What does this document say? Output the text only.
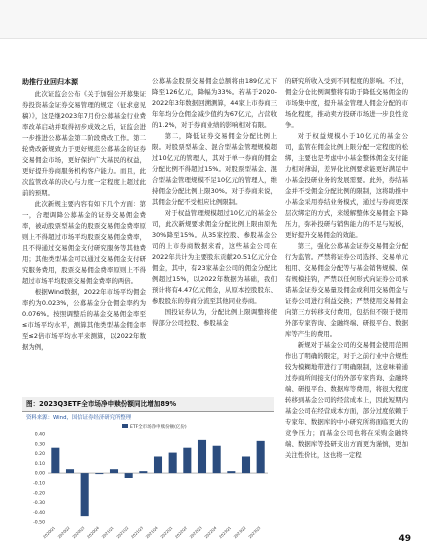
助推行业回归本源

此次证监会公布《关于加强公开募集证券投资基金证券交易管理的规定（征求意见稿）》，这是继2023年7月份公募基金行业费率改革启动并取得初步成效之后，证监会进一步推进公募基金第二阶段费改工作。第二轮费改新规致力于更好规范公募基金的证券交易佣金市场，更好保护广大基民的权益，更好提升券商服务机构客户能力。而且，此次监管改革的决心与力度一定程度上超过此前的预期。

此次新规主要内容有如下几个方面：第一，合理调降公募基金的证券交易佣金费率，被动股票型基金的股票交易佣金费率原则上不得超过市场平均股票交易佣金费率，且不得通过交易佣金支付研究服务等其他费用；其他类型基金可以通过交易佣金支付研究服务费用，股票交易佣金费率原则上不得超过市场平均股票交易佣金费率的两倍。

根据Wind数据，2022年市场平均佣金率约为0.023%，公募基金分仓佣金率约为0.076%。按照调整后的基金交易佣金率至≤市场平均水平，测算其他类型基金佣金率至≤2倍市场平均水平来测算，以2022年数据为例，

公募基金股票交易佣金总额将由189亿元下降至126亿元，降幅为33%。若基于2020-2022年3年数据回溯测算，44家上市券商三年年均分仓佣金减少值约为67亿元，占营收的1.2%，对于券商业绩的影响相对有限。

第二，降低证券交易佣金分配比例上限。对股票型基金、混合型基金管理规模超过10亿元的管理人，其对于单一券商的佣金分配比例不得超过15%。对股票型基金、混合型基金管理规模不足10亿元的管理人，维持佣金分配比例上限30%。对于券商来说，其佣金分配不受相应比例限制。

对于权益管理规模超过10亿元的基金公司，此次新规要求佣金分配比例上限由原先30%降至15%。从35家控股、参股基金公司的上市券商数据来看，这些基金公司在2022年共计为主要股东贡献20.51亿元分仓佣金，其中，有23家基金公司的佣金分配比例超过15%，以2022年数据为基础，我们预计将有4.47亿元佣金，从原本控股股东、参股股东的券商分流至其他同业券商。

国投证券认为，分配比例上限调整将使得部分公司控股、参股基金

的研究所收入受到不同程度的影响。不过，佣金分仓比例调整将有助于降低交易佣金的市场集中度，提升基金管理人佣金分配的市场化程度，推动卖方投研市场进一步良性竞争。

对于权益规模小于10亿元的基金公司，监管在佣金比例上限分配一定程度的松绑，主要也是考虑中小基金整体佣金支付能力相对薄弱，差异化比例要求能更好满足中小基金投研业务的发展需要。此外，券结基金并不受佣金分配比例的限制，这将助推中小基金采用券结业务模式，通过与券商更深层次绑定的方式，来缓解整体交易佣金下降压力，弥补投研与销售能力的不足与短板，更好提升交易佣金的效能。

第三，强化公募基金证券交易佣金分配行为监管。严禁将证券公司选择、交易单元租用、交易佣金分配等与基金销售规模、保有规模挂钩，严禁以任何形式向证券公司承诺基金证券交易量及佣金或利用交易佣金与证券公司进行利益交换；严禁使用交易佣金向第三方转移支付费用，包括但不限于使用外部专家咨询、金融终端、研报平台、数据库等产生的费用。

新规对于基金公司的交易佣金使用范围作出了明确的限定，对于之前行业中合规性较为模糊地带进行了明确限制，这意味着通过券商所间接支付的外部专家咨询、金融终端、研报平台、数据库等费用，将很大程度转移到基金公司的经营成本上，因此短期内基金公司在经营成本方面，部分过度依赖于专家年、数据库的中小研究所将面临更大的竞争压力；而基金公司也将在采购金融终端、数据库等投研支出方面更为谨慎，更加关注性价比，这也将一定程

图：2023Q3ETF全市场净申赎份额同比增加89%
资料来源：Wind，国信证券经济研究所整理
ETF全市场净申赎份额(亿份)
0.40
0.30
0.20
0.10
0.00
-0.10
-0.20
-0.30
-0.40
-0.50
2020Q1 2020Q2 2020Q3 2020Q4 2021Q1 2021Q2 2021Q3 2021Q4 2022Q1 2022Q2 2022Q3 2022Q4 2023Q1 2023Q2 2023Q3	49
